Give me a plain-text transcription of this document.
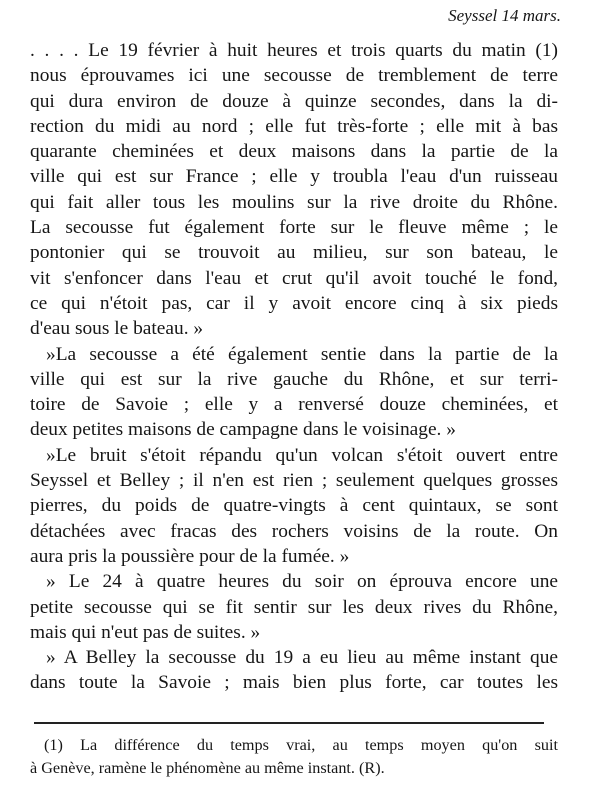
Seyssel 14 mars.
. . . . Le 19 février à huit heures et trois quarts du matin (1)
nous éprouvames ici une secousse de tremblement de terre
qui dura environ de douze à quinze secondes, dans la di-
rection du midi au nord ; elle fut très-forte ; elle mit à bas
quarante cheminées et deux maisons dans la partie de la
ville qui est sur France ; elle y troubla l'eau d'un ruisseau
qui fait aller tous les moulins sur la rive droite du Rhône.
La secousse fut également forte sur le fleuve même ; le
pontonier qui se trouvoit au milieu, sur son bateau, le
vit s'enfoncer dans l'eau et crut qu'il avoit touché le fond,
ce qui n'étoit pas, car il y avoit encore cinq à six pieds
d'eau sous le bateau. »
»La secousse a été également sentie dans la partie de la
ville qui est sur la rive gauche du Rhône, et sur terri-
toire de Savoie ; elle y a renversé douze cheminées, et
deux petites maisons de campagne dans le voisinage. »
»Le bruit s'étoit répandu qu'un volcan s'étoit ouvert entre
Seyssel et Belley ; il n'en est rien ; seulement quelques grosses
pierres, du poids de quatre-vingts à cent quintaux, se sont
détachées avec fracas des rochers voisins de la route. On
aura pris la poussière pour de la fumée. »
» Le 24 à quatre heures du soir on éprouva encore une
petite secousse qui se fit sentir sur les deux rives du Rhône,
mais qui n'eut pas de suites. »
» A Belley la secousse du 19 a eu lieu au même instant que
dans toute la Savoie ; mais bien plus forte, car toutes les
(1) La différence du temps vrai, au temps moyen qu'on suit
à Genève, ramène le phénomène au même instant. (R).
